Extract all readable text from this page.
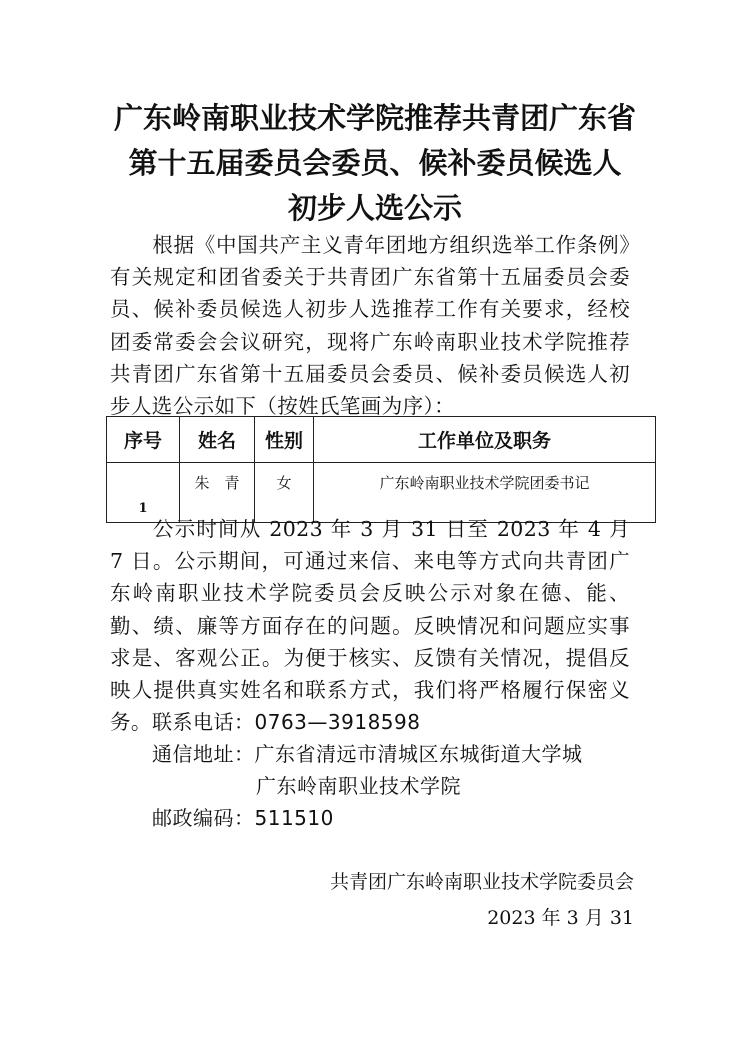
广东岭南职业技术学院推荐共青团广东省
第十五届委员会委员、候补委员候选人
初步人选公示
根据《中国共产主义青年团地方组织选举工作条例》有关规定和团省委关于共青团广东省第十五届委员会委员、候补委员候选人初步人选推荐工作有关要求，经校团委常委会会议研究，现将广东岭南职业技术学院推荐共青团广东省第十五届委员会委员、候补委员候选人初步人选公示如下（按姓氏笔画为序）：
序号	姓名	性别	工作单位及职务
1	朱　青	女	广东岭南职业技术学院团委书记
公示时间从 2023 年 3 月 31 日至 2023 年 4 月 7 日。公示期间，可通过来信、来电等方式向共青团广东岭南职业技术学院委员会反映公示对象在德、能、勤、绩、廉等方面存在的问题。反映情况和问题应实事求是、客观公正。为便于核实、反馈有关情况，提倡反映人提供真实姓名和联系方式，我们将严格履行保密义务。 联系电话：0763—3918598
通信地址：广东省清远市清城区东城街道大学城
广东岭南职业技术学院
邮政编码：511510
共青团广东岭南职业技术学院委员会
2023 年 3 月 31
